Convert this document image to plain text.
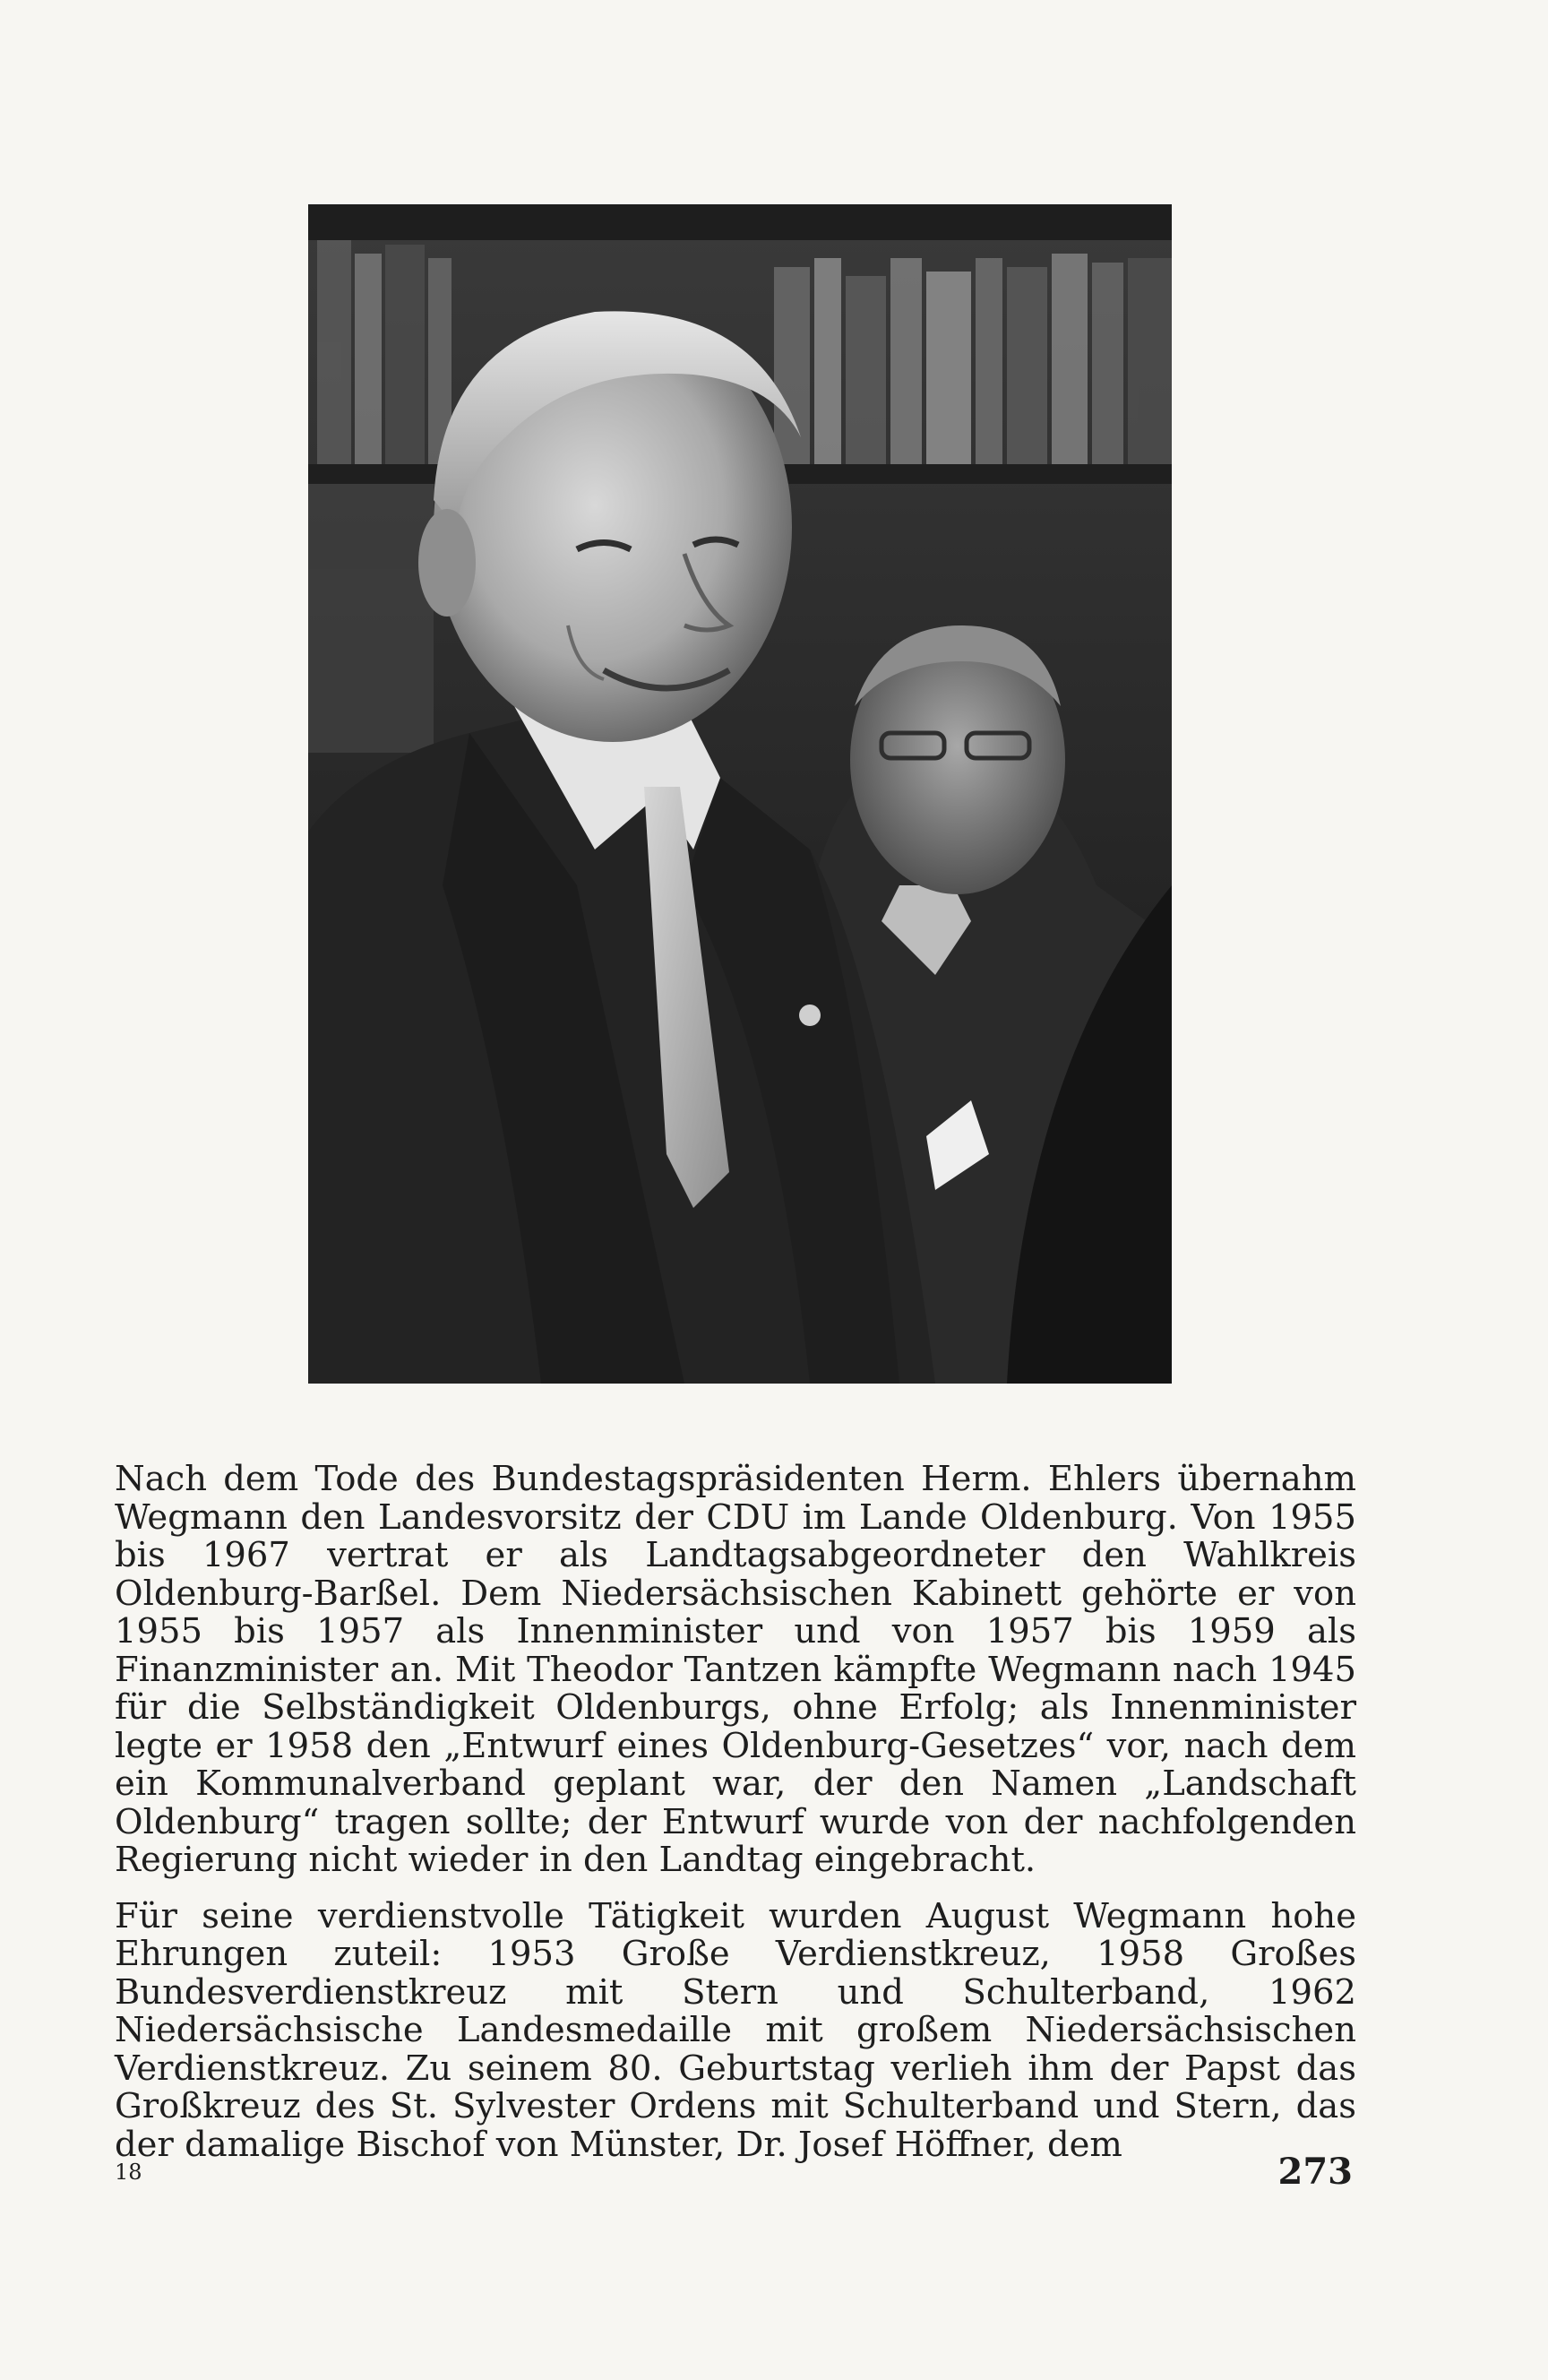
Nach dem Tode des Bundestagspräsidenten Herm. Ehlers übernahm Wegmann den Landesvorsitz der CDU im Lande Oldenburg. Von 1955 bis 1967 vertrat er als Landtagsabgeordneter den Wahlkreis Oldenburg-Barßel. Dem Niedersächsischen Kabinett gehörte er von 1955 bis 1957 als Innenminister und von 1957 bis 1959 als Finanzminister an. Mit Theodor Tantzen kämpfte Wegmann nach 1945 für die Selbständigkeit Oldenburgs, ohne Erfolg; als Innenminister legte er 1958 den „Entwurf eines Oldenburg-Gesetzes“ vor, nach dem ein Kommunalverband geplant war, der den Namen „Landschaft Oldenburg“ tragen sollte; der Entwurf wurde von der nachfolgenden Regierung nicht wieder in den Landtag eingebracht.

Für seine verdienstvolle Tätigkeit wurden August Wegmann hohe Ehrungen zuteil: 1953 Große Verdienstkreuz, 1958 Großes Bundesverdienstkreuz mit Stern und Schulterband, 1962 Niedersächsische Landesmedaille mit großem Niedersächsischen Verdienstkreuz. Zu seinem 80. Geburtstag verlieh ihm der Papst das Großkreuz des St. Sylvester Ordens mit Schulterband und Stern, das der damalige Bischof von Münster, Dr. Josef Höffner, dem

18	273
